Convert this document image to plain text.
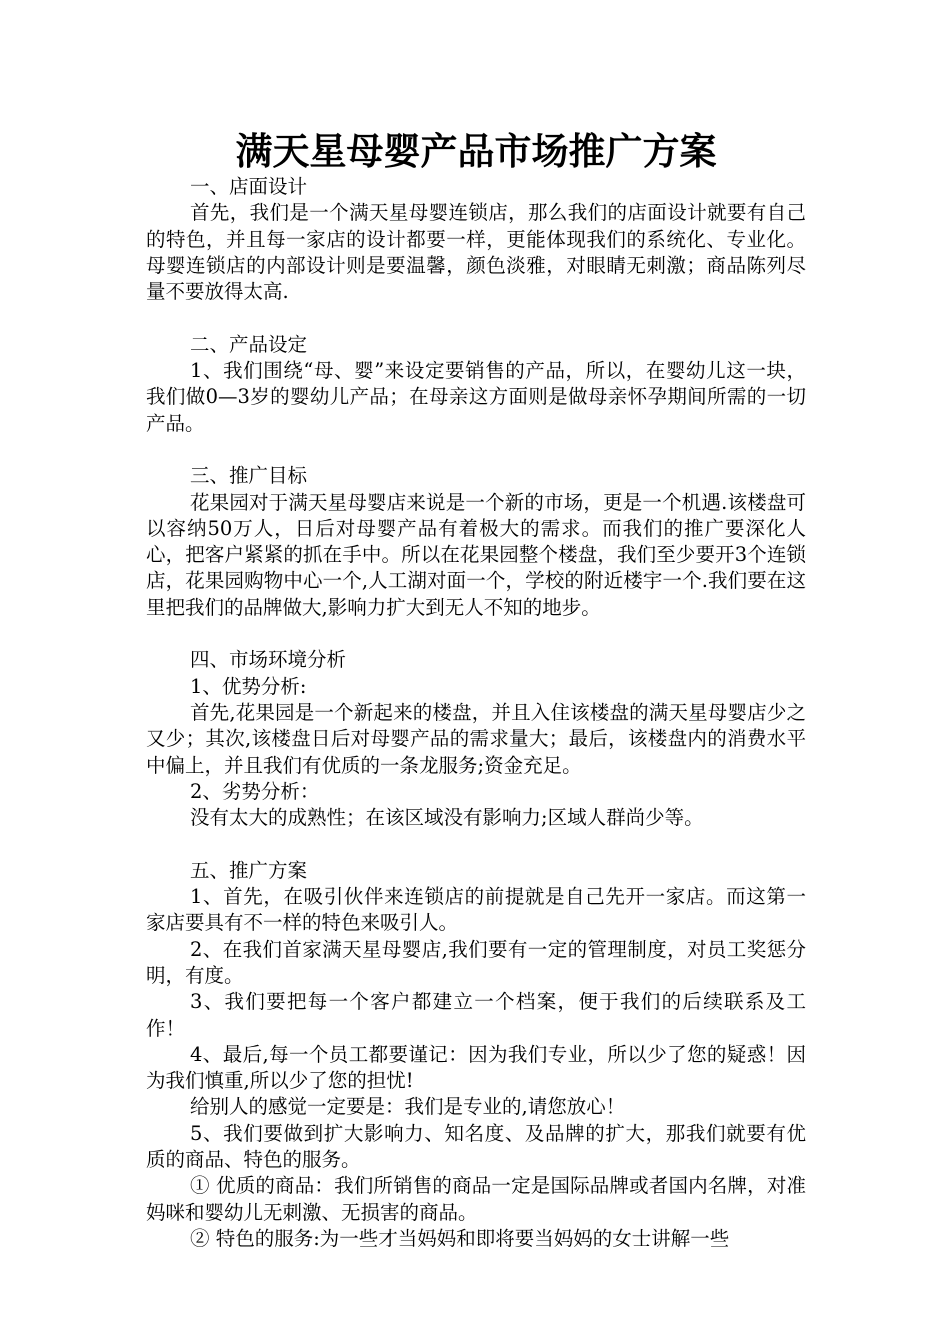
满天星母婴产品市场推广方案

一、店面设计

首先，我们是一个满天星母婴连锁店，那么我们的店面设计就要有自己的特色，并且每一家店的设计都要一样，更能体现我们的系统化、专业化。母婴连锁店的内部设计则是要温馨，颜色淡雅，对眼睛无刺激；商品陈列尽量不要放得太高.

二、产品设定

1、我们围绕“母、婴”来设定要销售的产品，所以，在婴幼儿这一块，我们做0—3岁的婴幼儿产品；在母亲这方面则是做母亲怀孕期间所需的一切产品。

三、推广目标

花果园对于满天星母婴店来说是一个新的市场，更是一个机遇.该楼盘可以容纳50万人，日后对母婴产品有着极大的需求。而我们的推广要深化人心，把客户紧紧的抓在手中。所以在花果园整个楼盘，我们至少要开3个连锁店，花果园购物中心一个,人工湖对面一个，学校的附近楼宇一个.我们要在这里把我们的品牌做大,影响力扩大到无人不知的地步。

四、市场环境分析

1、优势分析:

首先,花果园是一个新起来的楼盘，并且入住该楼盘的满天星母婴店少之又少；其次,该楼盘日后对母婴产品的需求量大；最后，该楼盘内的消费水平中偏上，并且我们有优质的一条龙服务;资金充足。

2、劣势分析：

没有太大的成熟性；在该区域没有影响力;区域人群尚少等。

五、推广方案

1、首先，在吸引伙伴来连锁店的前提就是自己先开一家店。而这第一家店要具有不一样的特色来吸引人。

2、在我们首家满天星母婴店,我们要有一定的管理制度，对员工奖惩分明，有度。

3、我们要把每一个客户都建立一个档案，便于我们的后续联系及工作！

4、最后,每一个员工都要谨记：因为我们专业，所以少了您的疑惑！因为我们慎重,所以少了您的担忧!

给别人的感觉一定要是：我们是专业的,请您放心！

5、我们要做到扩大影响力、知名度、及品牌的扩大，那我们就要有优质的商品、特色的服务。

① 优质的商品：我们所销售的商品一定是国际品牌或者国内名牌，对准妈咪和婴幼儿无刺激、无损害的商品。

② 特色的服务:为一些才当妈妈和即将要当妈妈的女士讲解一些
